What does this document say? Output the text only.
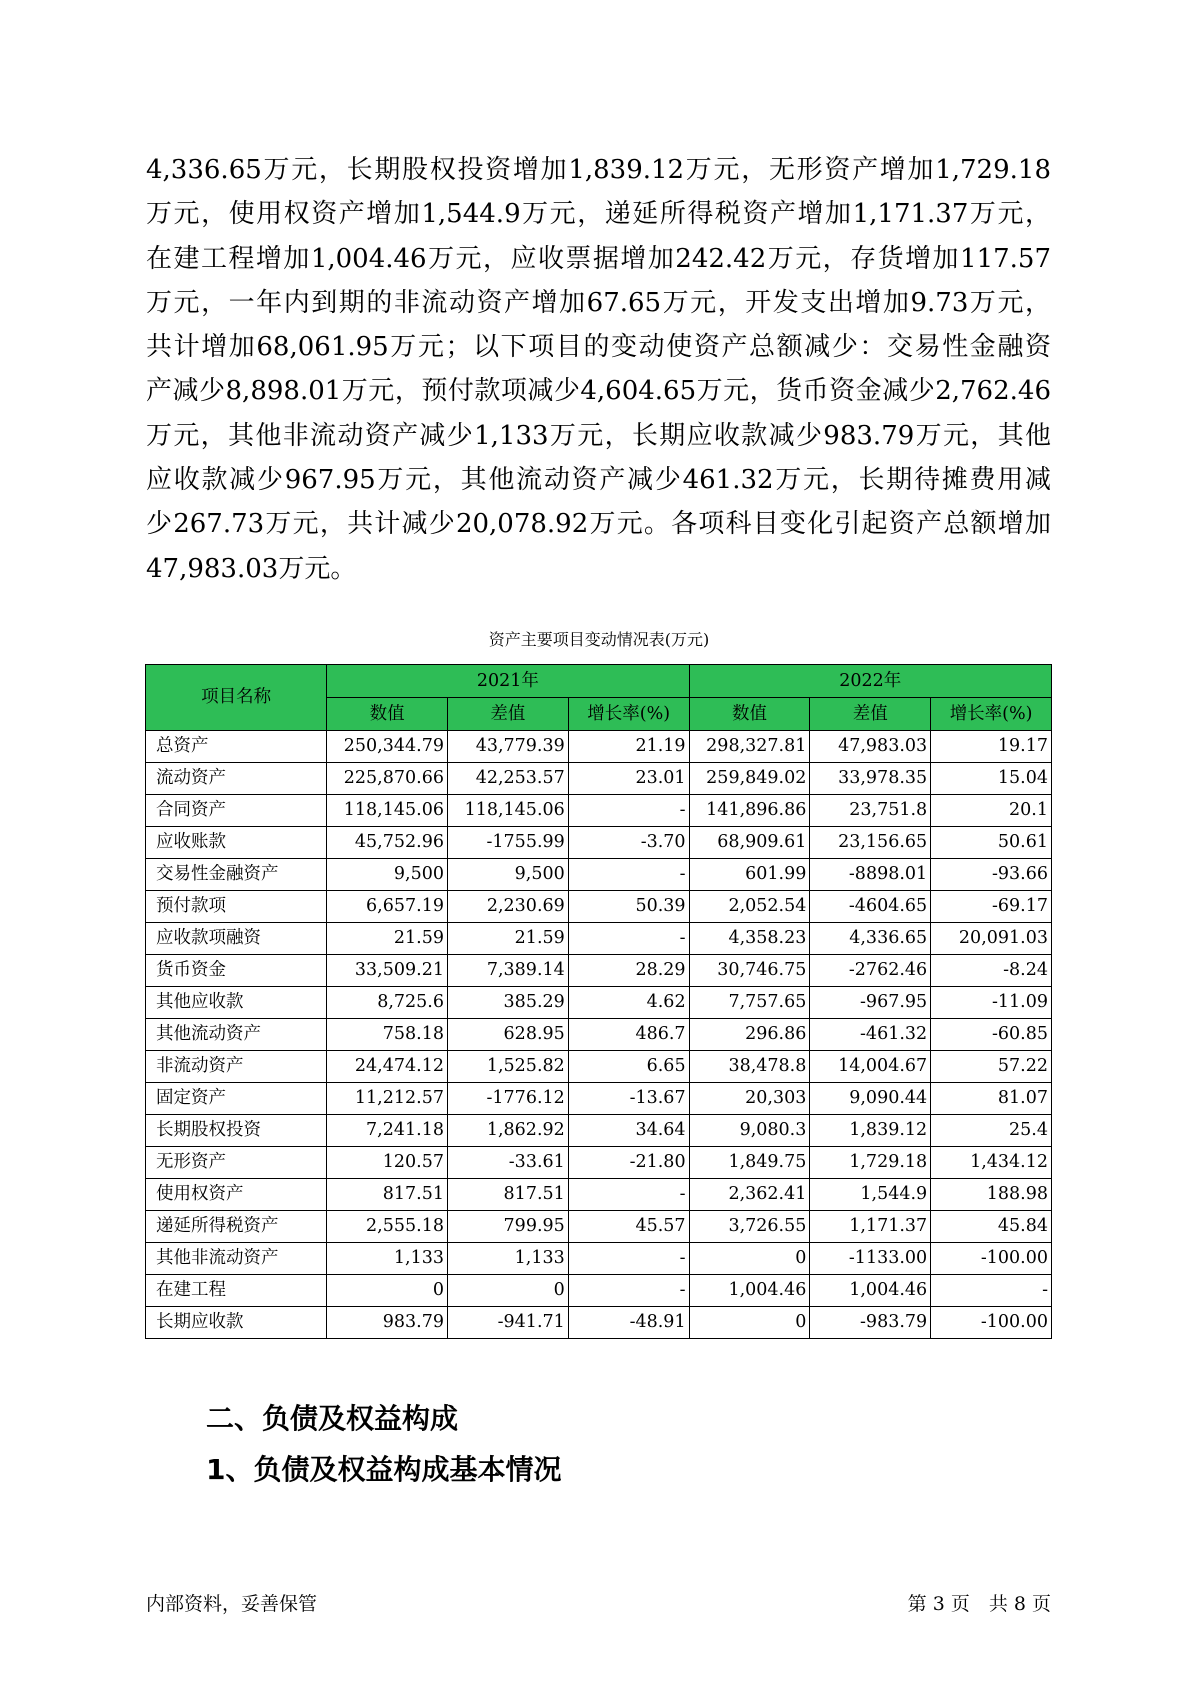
4,336.65万元，长期股权投资增加1,839.12万元，无形资产增加1,729.18
万元，使用权资产增加1,544.9万元，递延所得税资产增加1,171.37万元，
在建工程增加1,004.46万元，应收票据增加242.42万元，存货增加117.57
万元，一年内到期的非流动资产增加67.65万元，开发支出增加9.73万元，
共计增加68,061.95万元；以下项目的变动使资产总额减少：交易性金融资
产减少8,898.01万元，预付款项减少4,604.65万元，货币资金减少2,762.46
万元，其他非流动资产减少1,133万元，长期应收款减少983.79万元，其他
应收款减少967.95万元，其他流动资产减少461.32万元，长期待摊费用减
少267.73万元，共计减少20,078.92万元。各项科目变化引起资产总额增加
47,983.03万元。
资产主要项目变动情况表(万元)
项目名称	2021年			2022年		
	数值	差值	增长率(%)	数值	差值	增长率(%)
总资产	250,344.79	43,779.39	21.19	298,327.81	47,983.03	19.17
流动资产	225,870.66	42,253.57	23.01	259,849.02	33,978.35	15.04
合同资产	118,145.06	118,145.06	-	141,896.86	23,751.8	20.1
应收账款	45,752.96	-1755.99	-3.70	68,909.61	23,156.65	50.61
交易性金融资产	9,500	9,500	-	601.99	-8898.01	-93.66
预付款项	6,657.19	2,230.69	50.39	2,052.54	-4604.65	-69.17
应收款项融资	21.59	21.59	-	4,358.23	4,336.65	20,091.03
货币资金	33,509.21	7,389.14	28.29	30,746.75	-2762.46	-8.24
其他应收款	8,725.6	385.29	4.62	7,757.65	-967.95	-11.09
其他流动资产	758.18	628.95	486.7	296.86	-461.32	-60.85
非流动资产	24,474.12	1,525.82	6.65	38,478.8	14,004.67	57.22
固定资产	11,212.57	-1776.12	-13.67	20,303	9,090.44	81.07
长期股权投资	7,241.18	1,862.92	34.64	9,080.3	1,839.12	25.4
无形资产	120.57	-33.61	-21.80	1,849.75	1,729.18	1,434.12
使用权资产	817.51	817.51	-	2,362.41	1,544.9	188.98
递延所得税资产	2,555.18	799.95	45.57	3,726.55	1,171.37	45.84
其他非流动资产	1,133	1,133	-	0	-1133.00	-100.00
在建工程	0	0	-	1,004.46	1,004.46	-
长期应收款	983.79	-941.71	-48.91	0	-983.79	-100.00
二、负债及权益构成
1、负债及权益构成基本情况
内部资料，妥善保管	第 3 页　共 8 页
